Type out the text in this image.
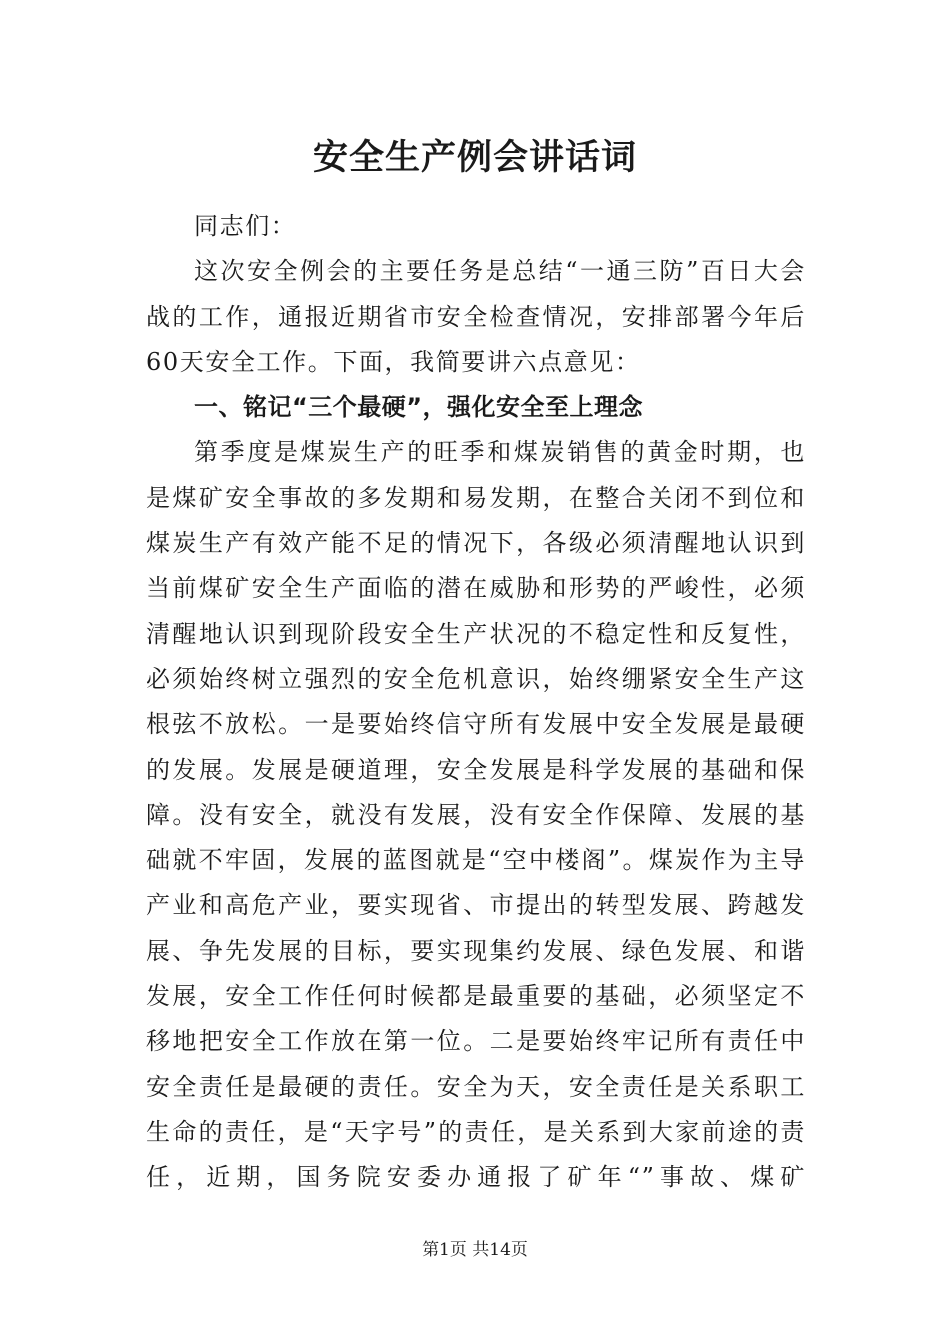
安全生产例会讲话词

同志们：

这次安全例会的主要任务是总结“一通三防”百日大会战的工作，通报近期省市安全检查情况，安排部署今年后60天安全工作。下面，我简要讲六点意见：

一、铭记“三个最硬”，强化安全至上理念

第季度是煤炭生产的旺季和煤炭销售的黄金时期，也是煤矿安全事故的多发期和易发期，在整合关闭不到位和煤炭生产有效产能不足的情况下，各级必须清醒地认识到当前煤矿安全生产面临的潜在威胁和形势的严峻性，必须清醒地认识到现阶段安全生产状况的不稳定性和反复性，必须始终树立强烈的安全危机意识，始终绷紧安全生产这根弦不放松。一是要始终信守所有发展中安全发展是最硬的发展。发展是硬道理，安全发展是科学发展的基础和保障。没有安全，就没有发展，没有安全作保障、发展的基础就不牢固，发展的蓝图就是“空中楼阁”。煤炭作为主导产业和高危产业，要实现省、市提出的转型发展、跨越发展、争先发展的目标，要实现集约发展、绿色发展、和谐发展，安全工作任何时候都是最重要的基础，必须坚定不移地把安全工作放在第一位。二是要始终牢记所有责任中安全责任是最硬的责任。安全为天，安全责任是关系职工生命的责任，是“天字号”的责任，是关系到大家前途的责任，近期，国务院安委办通报了矿年“”事故、煤矿

第1页 共14页
